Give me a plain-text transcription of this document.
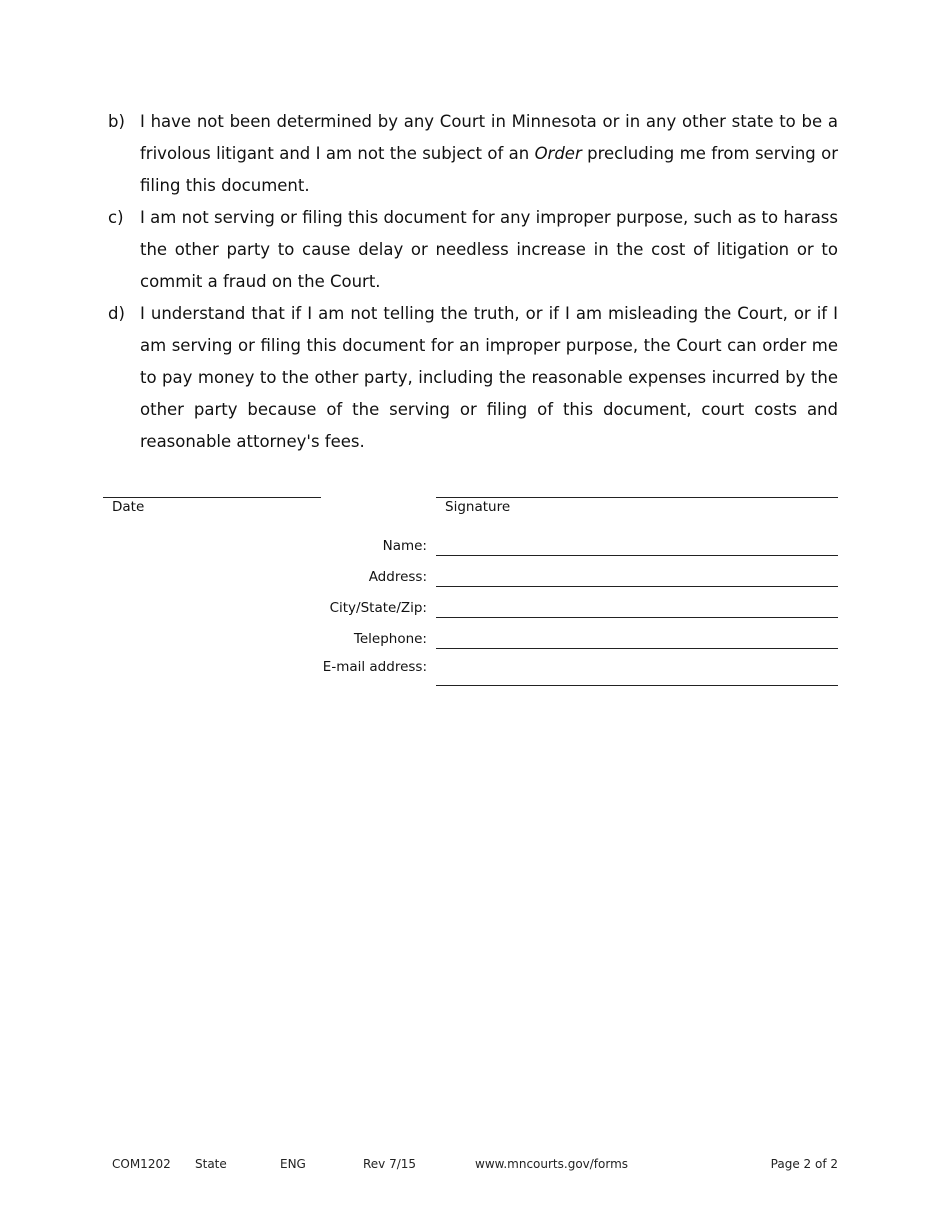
b) I have not been determined by any Court in Minnesota or in any other state to be a frivolous litigant and I am not the subject of an Order precluding me from serving or filing this document.
c) I am not serving or filing this document for any improper purpose, such as to harass the other party to cause delay or needless increase in the cost of litigation or to commit a fraud on the Court.
d) I understand that if I am not telling the truth, or if I am misleading the Court, or if I am serving or filing this document for an improper purpose, the Court can order me to pay money to the other party, including the reasonable expenses incurred by the other party because of the serving or filing of this document, court costs and reasonable attorney's fees.
Date	Signature
Name:
Address:
City/State/Zip:
Telephone:
E-mail address:
COM1202 State	ENG	Rev 7/15	www.mncourts.gov/forms	Page 2 of 2
